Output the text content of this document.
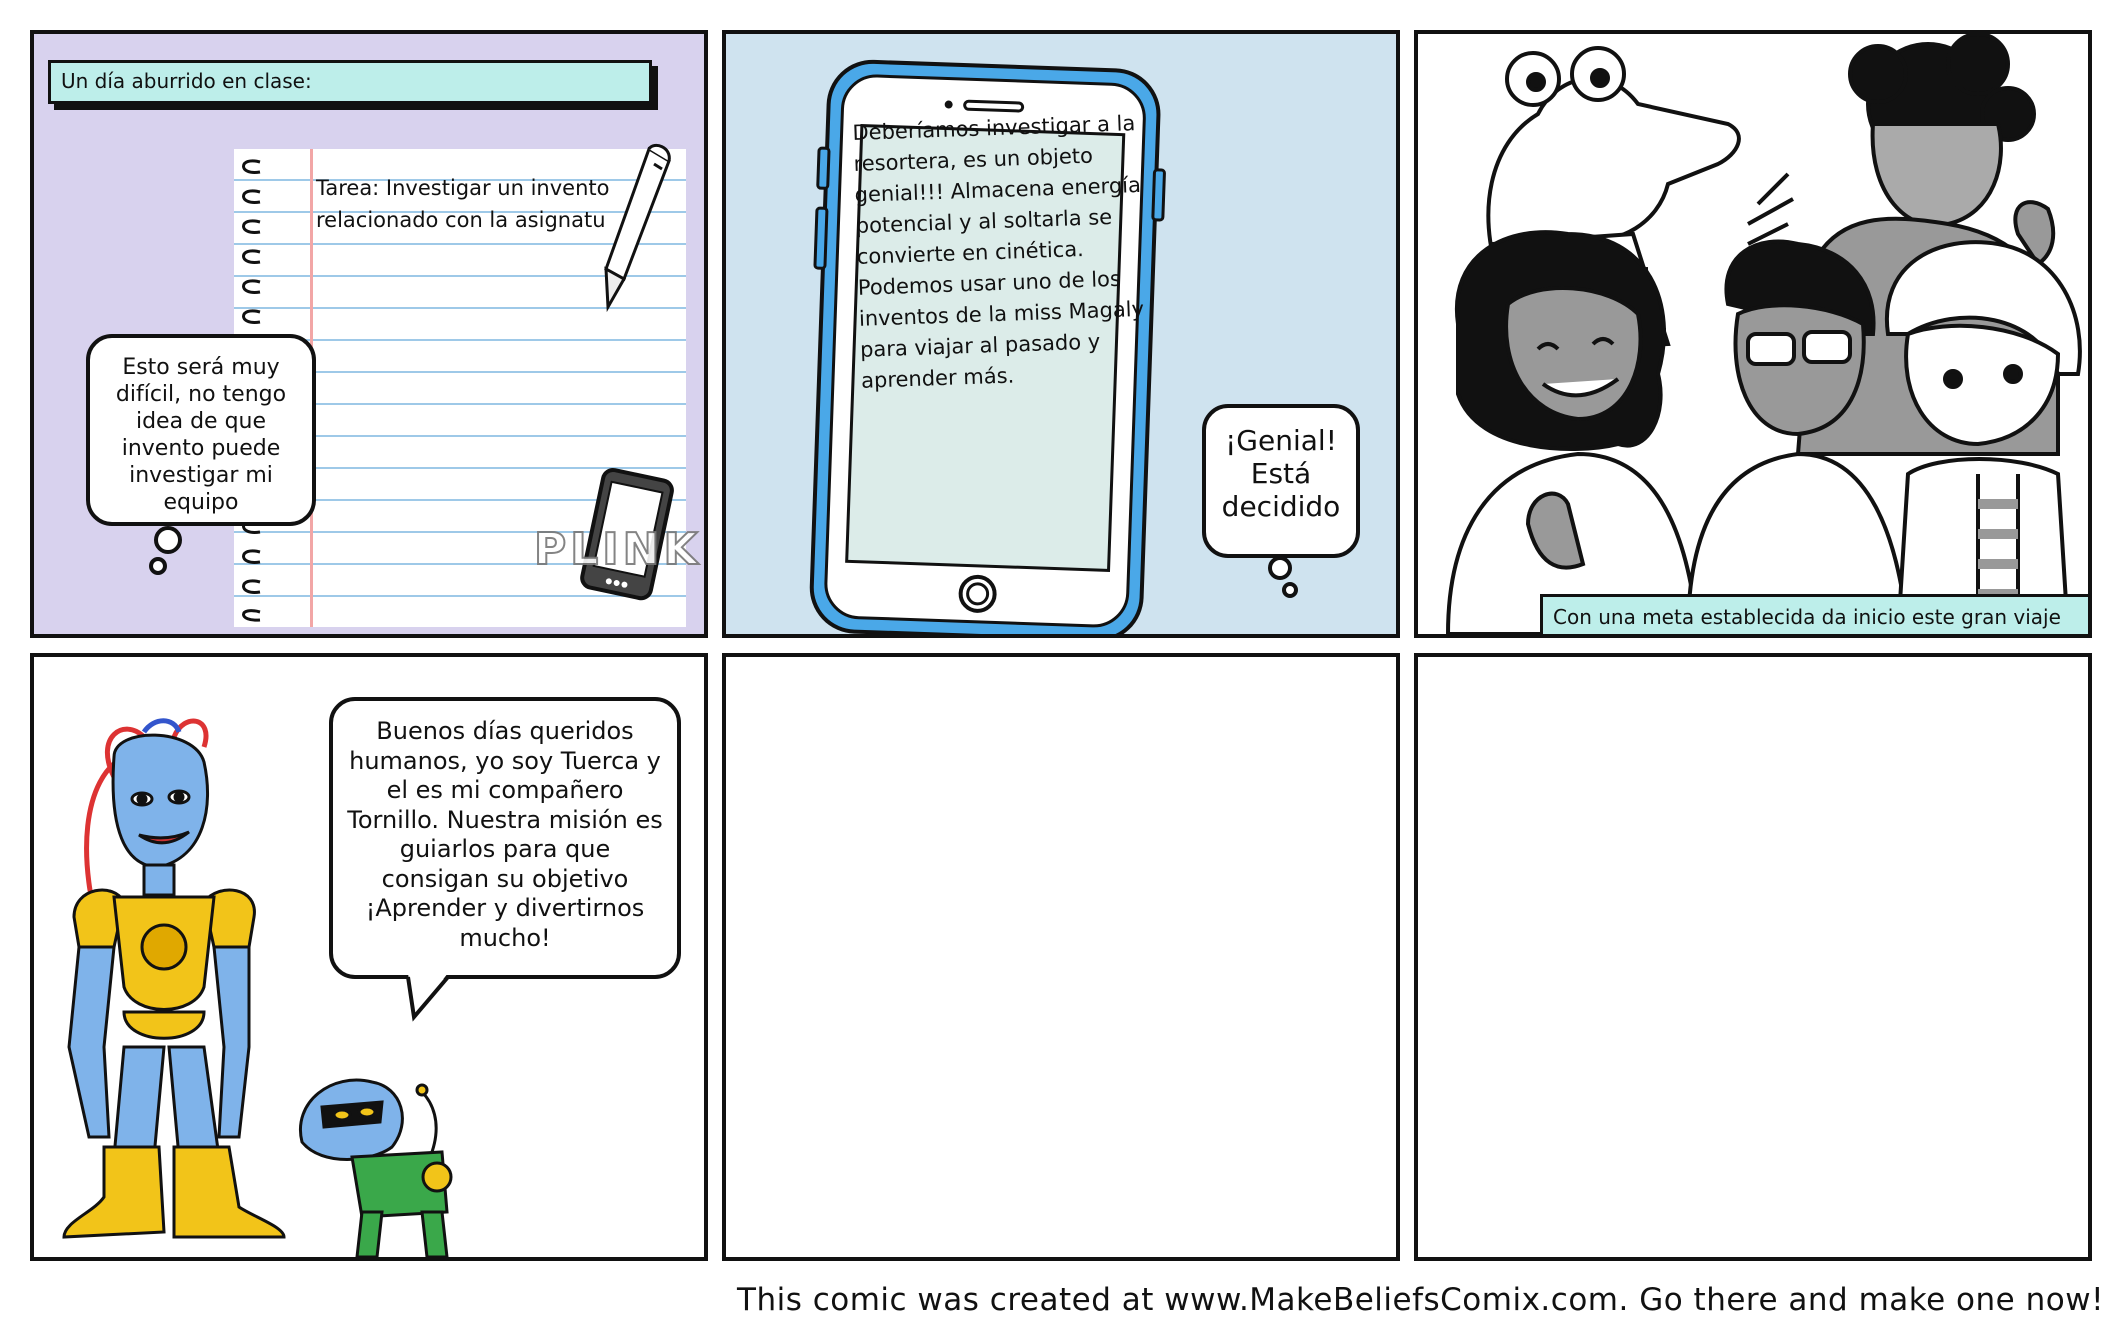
Tarea: Investigar un invento
relacionado con la asignatu
PLINK
Un día aburrido en clase:
Esto será muy difícil, no tengo idea de que invento puede investigar mi equipo
Deberíamos investigar a la resortera, es un objeto genial!!! Almacena energía potencial y al soltarla se convierte en cinética. Podemos usar uno de los inventos de la miss Magaly para viajar al pasado y aprender más.
¡Genial! Está decidido
Con una meta establecida da inicio este gran viaje
Buenos días queridos humanos, yo soy Tuerca y el es mi compañero Tornillo. Nuestra misión es guiarlos para que consigan su objetivo ¡Aprender y divertirnos mucho!
This comic was created at www.MakeBeliefsComix.com. Go there and make one now!
